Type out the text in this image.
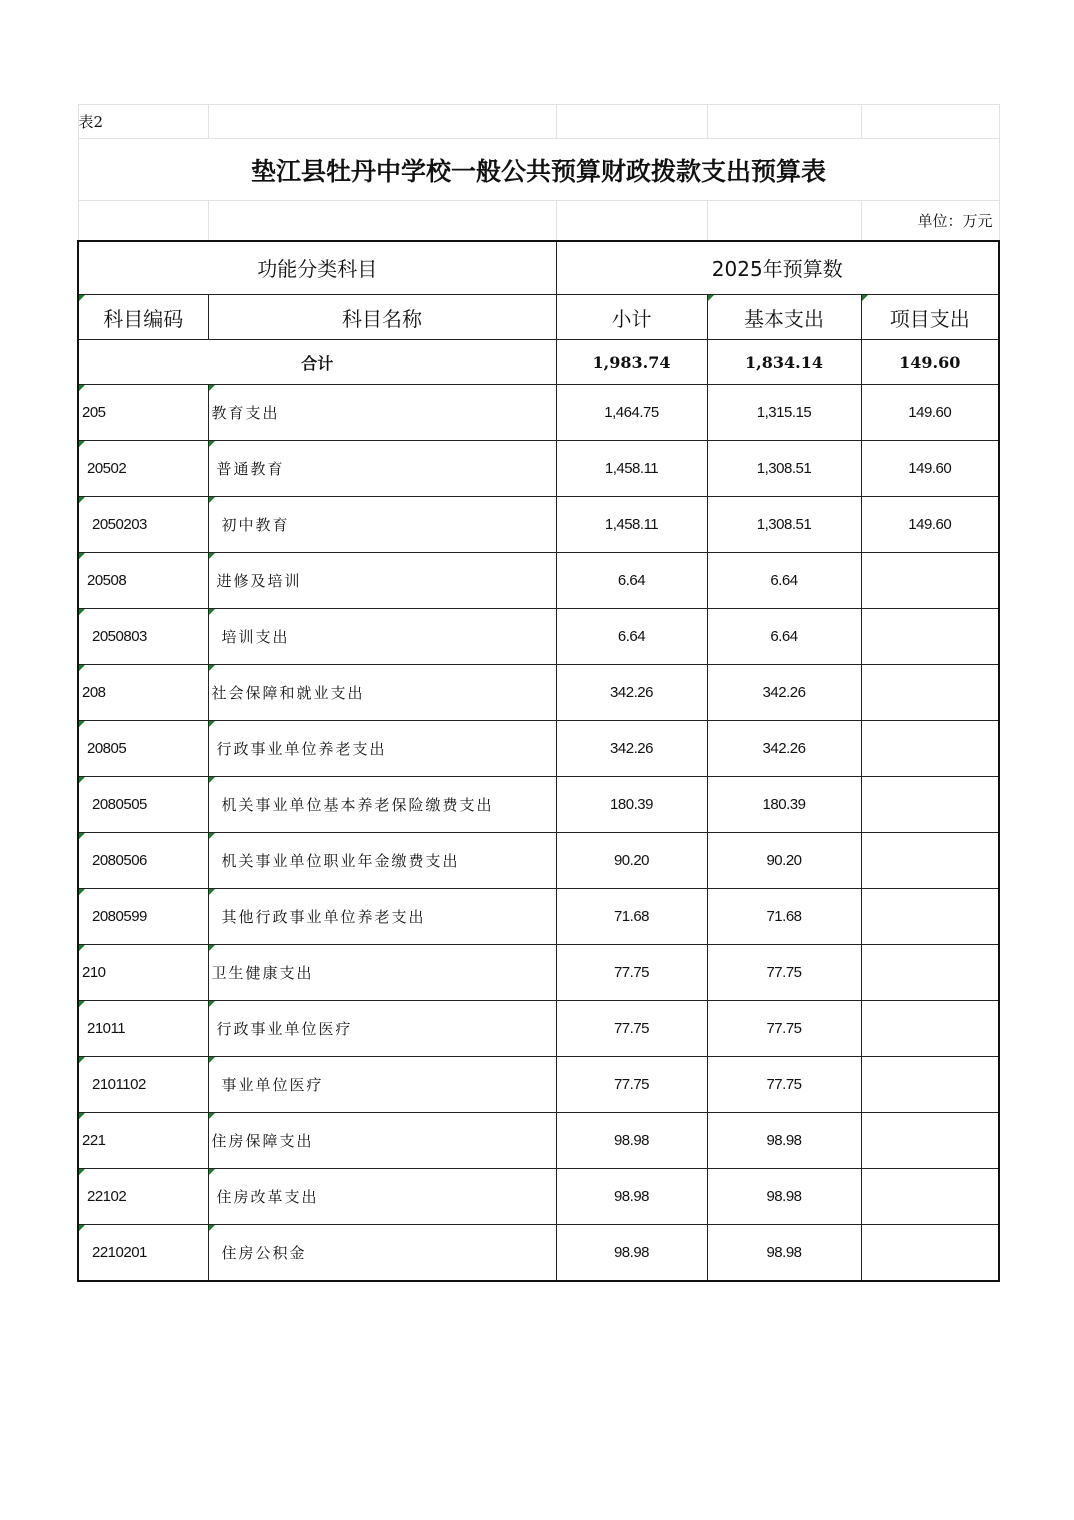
表2				
垫江县牡丹中学校一般公共预算财政拨款支出预算表				
				单位：万元
功能分类科目		2025年预算数		
科目编码	科目名称	小计	基本支出	项目支出
合计		1,983.74	1,834.14	149.60
205	教育支出	1,464.75	1,315.15	149.60
20502	普通教育	1,458.11	1,308.51	149.60
2050203	初中教育	1,458.11	1,308.51	149.60
20508	进修及培训	6.64	6.64	
2050803	培训支出	6.64	6.64	
208	社会保障和就业支出	342.26	342.26	
20805	行政事业单位养老支出	342.26	342.26	
2080505	机关事业单位基本养老保险缴费支出	180.39	180.39	
2080506	机关事业单位职业年金缴费支出	90.20	90.20	
2080599	其他行政事业单位养老支出	71.68	71.68	
210	卫生健康支出	77.75	77.75	
21011	行政事业单位医疗	77.75	77.75	
2101102	事业单位医疗	77.75	77.75	
221	住房保障支出	98.98	98.98	
22102	住房改革支出	98.98	98.98	
2210201	住房公积金	98.98	98.98	
